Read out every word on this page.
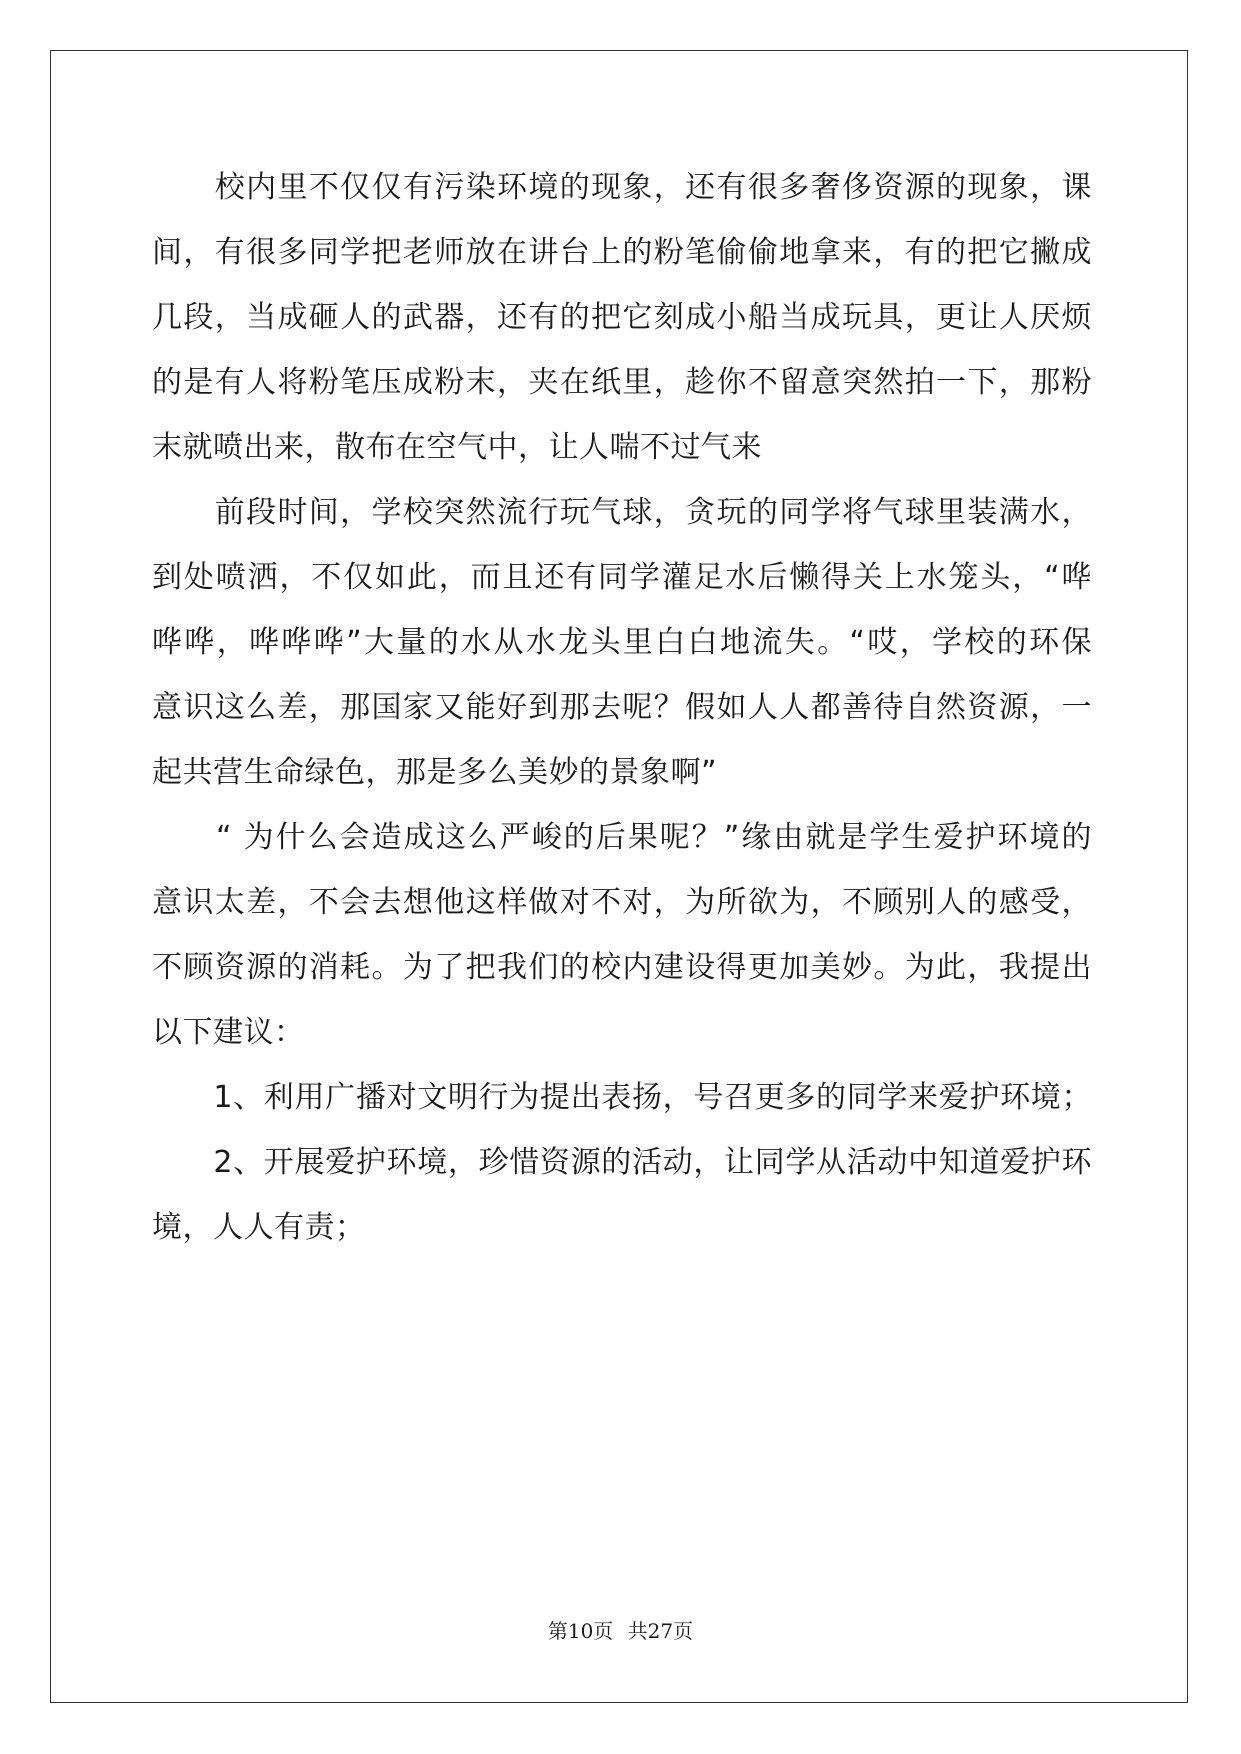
　　校内里不仅仅有污染环境的现象，还有很多奢侈资源的现象，课
间，有很多同学把老师放在讲台上的粉笔偷偷地拿来，有的把它撇成
几段，当成砸人的武器，还有的把它刻成小船当成玩具，更让人厌烦
的是有人将粉笔压成粉末，夹在纸里，趁你不留意突然拍一下，那粉
末就喷出来，散布在空气中，让人喘不过气来
　　前段时间，学校突然流行玩气球，贪玩的同学将气球里装满水，
到处喷洒，不仅如此，而且还有同学灌足水后懒得关上水笼头，“哗
哗哗，哗哗哗”大量的水从水龙头里白白地流失。“哎，学校的环保
意识这么差，那国家又能好到那去呢？假如人人都善待自然资源，一
起共营生命绿色，那是多么美妙的景象啊”
　　“ 为什么会造成这么严峻的后果呢？”缘由就是学生爱护环境的
意识太差，不会去想他这样做对不对，为所欲为，不顾别人的感受，
不顾资源的消耗。为了把我们的校内建设得更加美妙。为此，我提出
以下建议：
　　1、利用广播对文明行为提出表扬，号召更多的同学来爱护环境；
　　2、开展爱护环境，珍惜资源的活动，让同学从活动中知道爱护环
境，人人有责；
第10页 共27页
